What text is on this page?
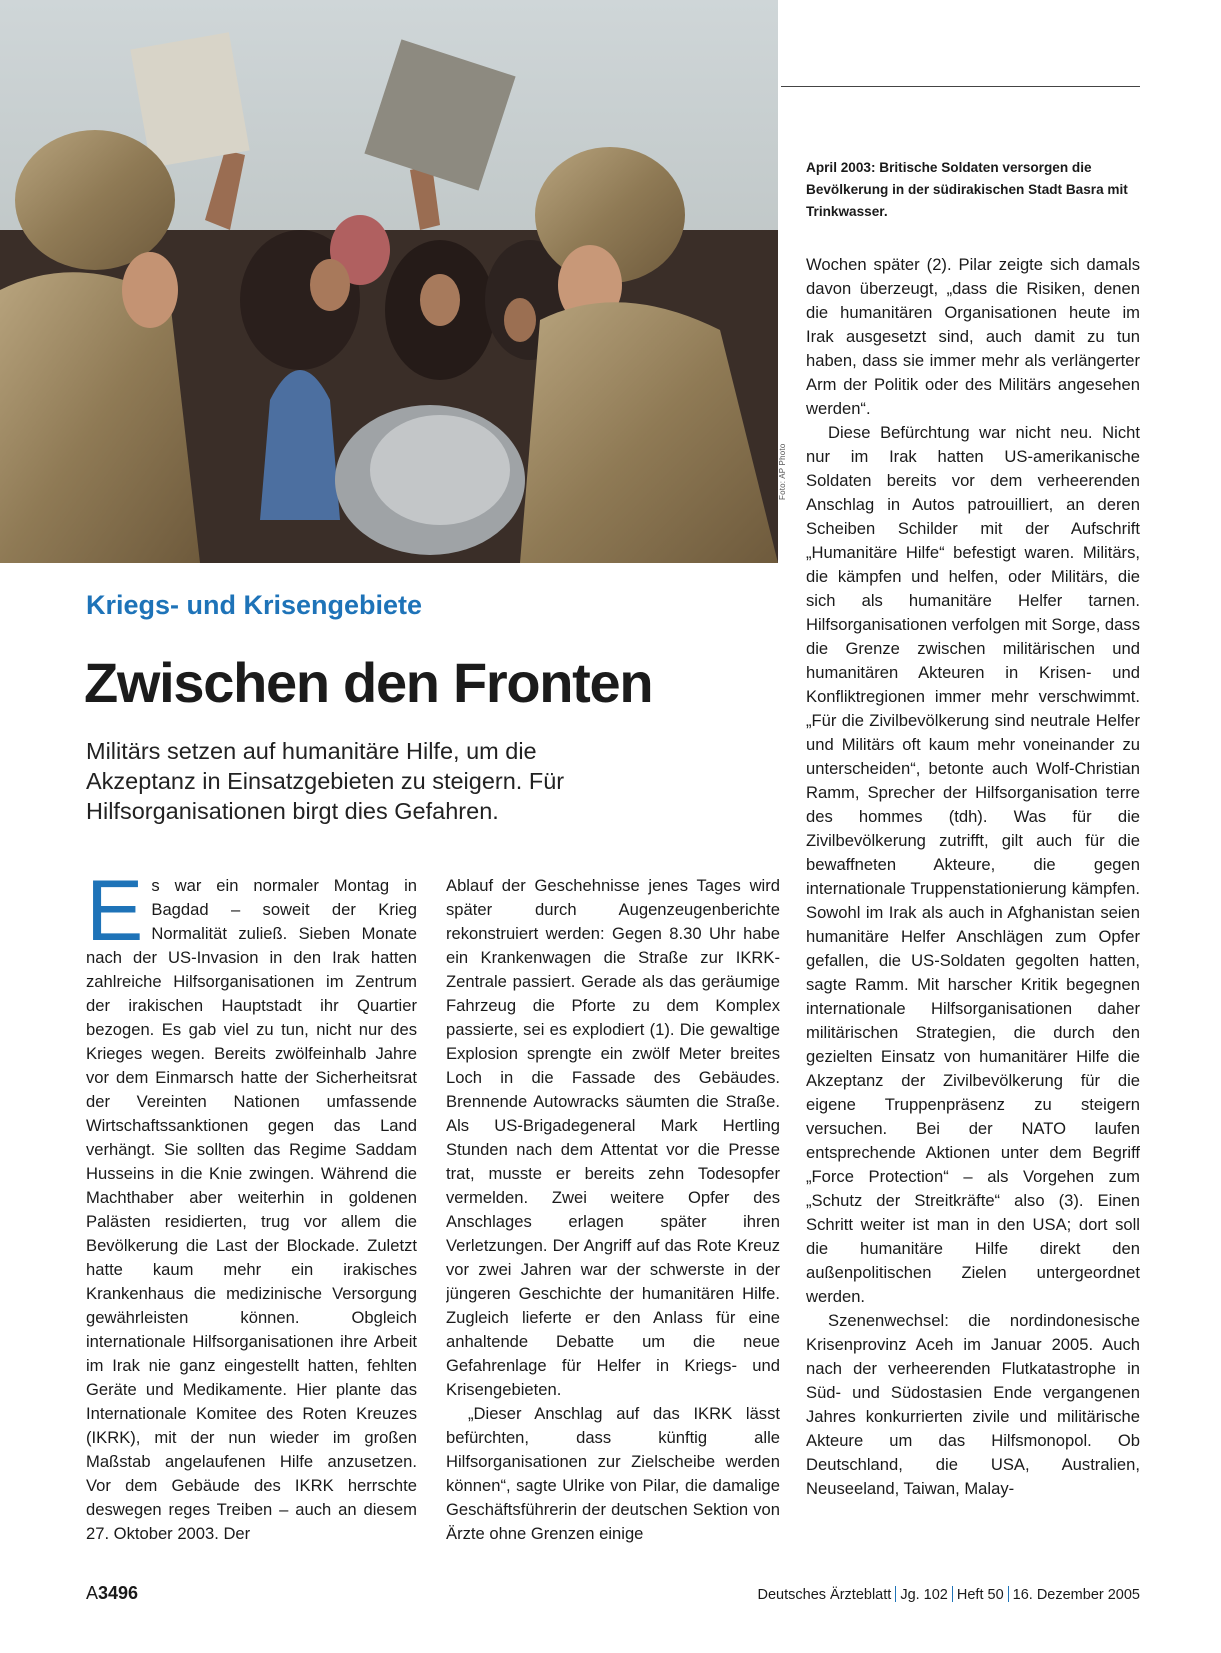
Foto: AP Photo
April 2003: Britische Soldaten versorgen die Bevölkerung in der südirakischen Stadt Basra mit Trinkwasser.
Kriegs- und Krisengebiete
Zwischen den Fronten
Militärs setzen auf humanitäre Hilfe, um die Akzeptanz in Einsatzgebieten zu steigern. Für Hilfsorganisationen birgt dies Gefahren.

Es war ein normaler Montag in Bagdad – soweit der Krieg Normalität zuließ. Sieben Monate nach der US-Invasion in den Irak hatten zahlreiche Hilfsorganisationen im Zentrum der irakischen Hauptstadt ihr Quartier bezogen. Es gab viel zu tun, nicht nur des Krieges wegen. Bereits zwölfeinhalb Jahre vor dem Einmarsch hatte der Sicherheitsrat der Vereinten Nationen umfassende Wirtschaftssanktionen gegen das Land verhängt. Sie sollten das Regime Saddam Husseins in die Knie zwingen. Während die Machthaber aber weiterhin in goldenen Palästen residierten, trug vor allem die Bevölkerung die Last der Blockade. Zuletzt hatte kaum mehr ein irakisches Krankenhaus die medizinische Versorgung gewährleisten können. Obgleich internationale Hilfsorganisationen ihre Arbeit im Irak nie ganz eingestellt hatten, fehlten Geräte und Medikamente. Hier plante das Internationale Komitee des Roten Kreuzes (IKRK), mit der nun wieder im großen Maßstab angelaufenen Hilfe anzusetzen. Vor dem Gebäude des IKRK herrschte deswegen reges Treiben – auch an diesem 27. Oktober 2003. Der

Ablauf der Geschehnisse jenes Tages wird später durch Augenzeugenberichte rekonstruiert werden: Gegen 8.30 Uhr habe ein Krankenwagen die Straße zur IKRK-Zentrale passiert. Gerade als das geräumige Fahrzeug die Pforte zu dem Komplex passierte, sei es explodiert (1). Die gewaltige Explosion sprengte ein zwölf Meter breites Loch in die Fassade des Gebäudes. Brennende Autowracks säumten die Straße. Als US-Brigadegeneral Mark Hertling Stunden nach dem Attentat vor die Presse trat, musste er bereits zehn Todesopfer vermelden. Zwei weitere Opfer des Anschlages erlagen später ihren Verletzungen. Der Angriff auf das Rote Kreuz vor zwei Jahren war der schwerste in der jüngeren Geschichte der humanitären Hilfe. Zugleich lieferte er den Anlass für eine anhaltende Debatte um die neue Gefahrenlage für Helfer in Kriegs- und Krisengebieten.

„Dieser Anschlag auf das IKRK lässt befürchten, dass künftig alle Hilfsorganisationen zur Zielscheibe werden können“, sagte Ulrike von Pilar, die damalige Geschäftsführerin der deutschen Sektion von Ärzte ohne Grenzen einige

Wochen später (2). Pilar zeigte sich damals davon überzeugt, „dass die Risiken, denen die humanitären Organisationen heute im Irak ausgesetzt sind, auch damit zu tun haben, dass sie immer mehr als verlängerter Arm der Politik oder des Militärs angesehen werden“.

Diese Befürchtung war nicht neu. Nicht nur im Irak hatten US-amerikanische Soldaten bereits vor dem verheerenden Anschlag in Autos patrouilliert, an deren Scheiben Schilder mit der Aufschrift „Humanitäre Hilfe“ befestigt waren. Militärs, die kämpfen und helfen, oder Militärs, die sich als humanitäre Helfer tarnen. Hilfsorganisationen verfolgen mit Sorge, dass die Grenze zwischen militärischen und humanitären Akteuren in Krisen- und Konfliktregionen immer mehr verschwimmt. „Für die Zivilbevölkerung sind neutrale Helfer und Militärs oft kaum mehr voneinander zu unterscheiden“, betonte auch Wolf-Christian Ramm, Sprecher der Hilfsorganisation terre des hommes (tdh). Was für die Zivilbevölkerung zutrifft, gilt auch für die bewaffneten Akteure, die gegen internationale Truppenstationierung kämpfen. Sowohl im Irak als auch in Afghanistan seien humanitäre Helfer Anschlägen zum Opfer gefallen, die US-Soldaten gegolten hatten, sagte Ramm. Mit harscher Kritik begegnen internationale Hilfsorganisationen daher militärischen Strategien, die durch den gezielten Einsatz von humanitärer Hilfe die Akzeptanz der Zivilbevölkerung für die eigene Truppenpräsenz zu steigern versuchen. Bei der NATO laufen entsprechende Aktionen unter dem Begriff „Force Protection“ – als Vorgehen zum „Schutz der Streitkräfte“ also (3). Einen Schritt weiter ist man in den USA; dort soll die humanitäre Hilfe direkt den außenpolitischen Zielen untergeordnet werden.

Szenenwechsel: die nordindonesische Krisenprovinz Aceh im Januar 2005. Auch nach der verheerenden Flutkatastrophe in Süd- und Südostasien Ende vergangenen Jahres konkurrierten zivile und militärische Akteure um das Hilfsmonopol. Ob Deutschland, die USA, Australien, Neuseeland, Taiwan, Malay-

A3496	Deutsches Ärzteblatt Jg. 102 Heft 50 16. Dezember 2005
